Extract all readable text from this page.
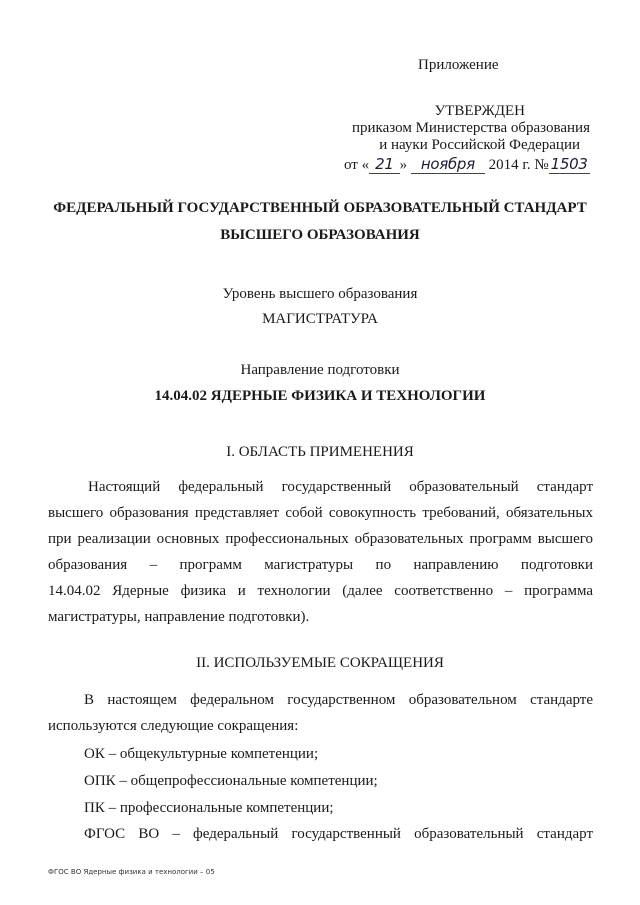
Приложение
УТВЕРЖДЕН
приказом Министерства образования
и науки Российской Федерации
от « 21 » ноября 2014 г. № 1503
ФЕДЕРАЛЬНЫЙ ГОСУДАРСТВЕННЫЙ ОБРАЗОВАТЕЛЬНЫЙ СТАНДАРТ
ВЫСШЕГО ОБРАЗОВАНИЯ
Уровень высшего образования
МАГИСТРАТУРА
Направление подготовки
14.04.02 ЯДЕРНЫЕ ФИЗИКА И ТЕХНОЛОГИИ
I. ОБЛАСТЬ ПРИМЕНЕНИЯ
Настоящий федеральный государственный образовательный стандарт
высшего образования представляет собой совокупность требований, обязательных
при реализации основных профессиональных образовательных программ высшего
образования – программ магистратуры по направлению подготовки
14.04.02 Ядерные физика и технологии (далее соответственно – программа
магистратуры, направление подготовки).
II. ИСПОЛЬЗУЕМЫЕ СОКРАЩЕНИЯ
В настоящем федеральном государственном образовательном стандарте
используются следующие сокращения:
ОК – общекультурные компетенции;
ОПК – общепрофессиональные компетенции;
ПК – профессиональные компетенции;
ФГОС ВО – федеральный государственный образовательный стандарт
ФГОС ВО Ядерные физика и технологии – 05
